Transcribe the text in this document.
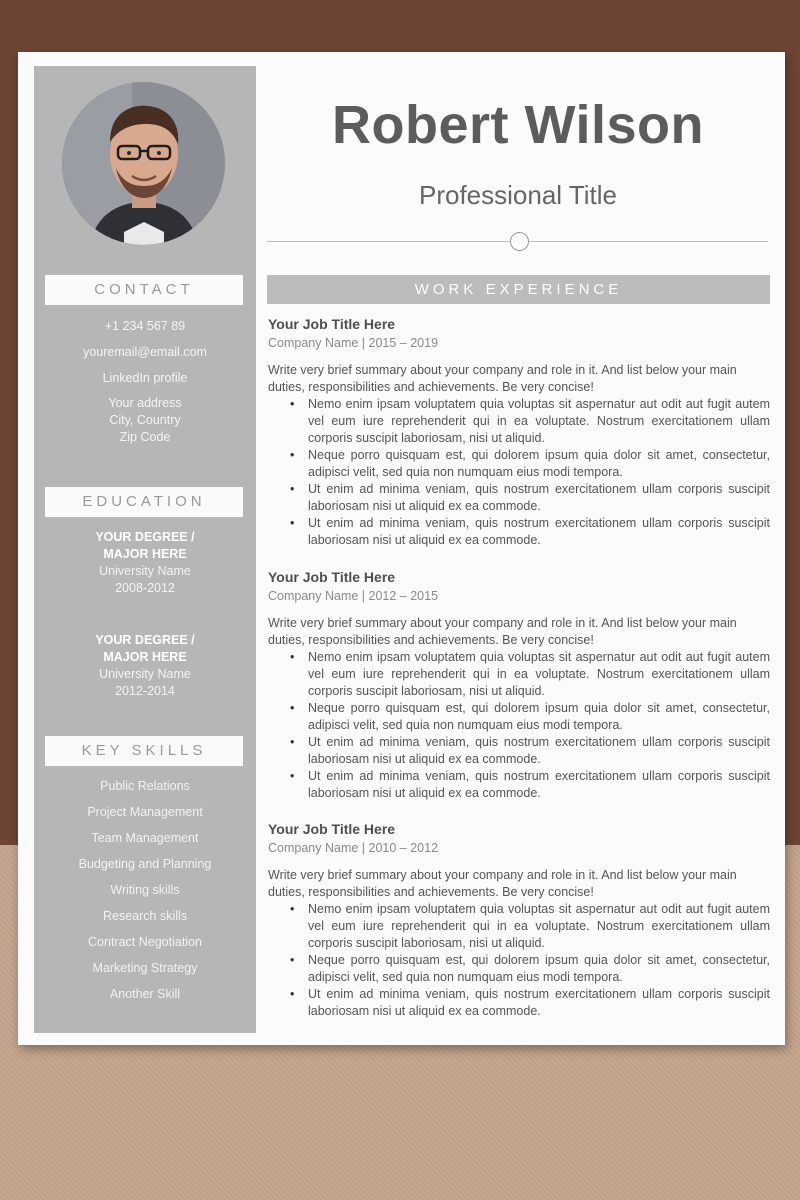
CONTACT
+1 234 567 89
youremail@email.com
LinkedIn profile
Your address
City, Country
Zip Code
EDUCATION
YOUR DEGREE /
MAJOR HERE
University Name
2008-2012
YOUR DEGREE /
MAJOR HERE
University Name
2012-2014
KEY SKILLS
Public Relations
Project Management
Team Management
Budgeting and Planning
Writing skills
Research skills
Contract Negotiation
Marketing Strategy
Another Skill
Robert Wilson
Professional Title
WORK EXPERIENCE
Your Job Title Here
Company Name | 2015 – 2019
Write very brief summary about your company and role in it. And list below your main duties, responsibilities and achievements. Be very concise!
• Nemo enim ipsam voluptatem quia voluptas sit aspernatur aut odit aut fugit autem vel eum iure reprehenderit qui in ea voluptate. Nostrum exercitationem ullam corporis suscipit laboriosam, nisi ut aliquid.
• Neque porro quisquam est, qui dolorem ipsum quia dolor sit amet, consectetur, adipisci velit, sed quia non numquam eius modi tempora.
• Ut enim ad minima veniam, quis nostrum exercitationem ullam corporis suscipit laboriosam nisi ut aliquid ex ea commode.
• Ut enim ad minima veniam, quis nostrum exercitationem ullam corporis suscipit laboriosam nisi ut aliquid ex ea commode.
Your Job Title Here
Company Name | 2012 – 2015
Write very brief summary about your company and role in it. And list below your main duties, responsibilities and achievements. Be very concise!
• Nemo enim ipsam voluptatem quia voluptas sit aspernatur aut odit aut fugit autem vel eum iure reprehenderit qui in ea voluptate. Nostrum exercitationem ullam corporis suscipit laboriosam, nisi ut aliquid.
• Neque porro quisquam est, qui dolorem ipsum quia dolor sit amet, consectetur, adipisci velit, sed quia non numquam eius modi tempora.
• Ut enim ad minima veniam, quis nostrum exercitationem ullam corporis suscipit laboriosam nisi ut aliquid ex ea commode.
• Ut enim ad minima veniam, quis nostrum exercitationem ullam corporis suscipit laboriosam nisi ut aliquid ex ea commode.
Your Job Title Here
Company Name | 2010 – 2012
Write very brief summary about your company and role in it. And list below your main duties, responsibilities and achievements. Be very concise!
• Nemo enim ipsam voluptatem quia voluptas sit aspernatur aut odit aut fugit autem vel eum iure reprehenderit qui in ea voluptate. Nostrum exercitationem ullam corporis suscipit laboriosam, nisi ut aliquid.
• Neque porro quisquam est, qui dolorem ipsum quia dolor sit amet, consectetur, adipisci velit, sed quia non numquam eius modi tempora.
• Ut enim ad minima veniam, quis nostrum exercitationem ullam corporis suscipit laboriosam nisi ut aliquid ex ea commode.
